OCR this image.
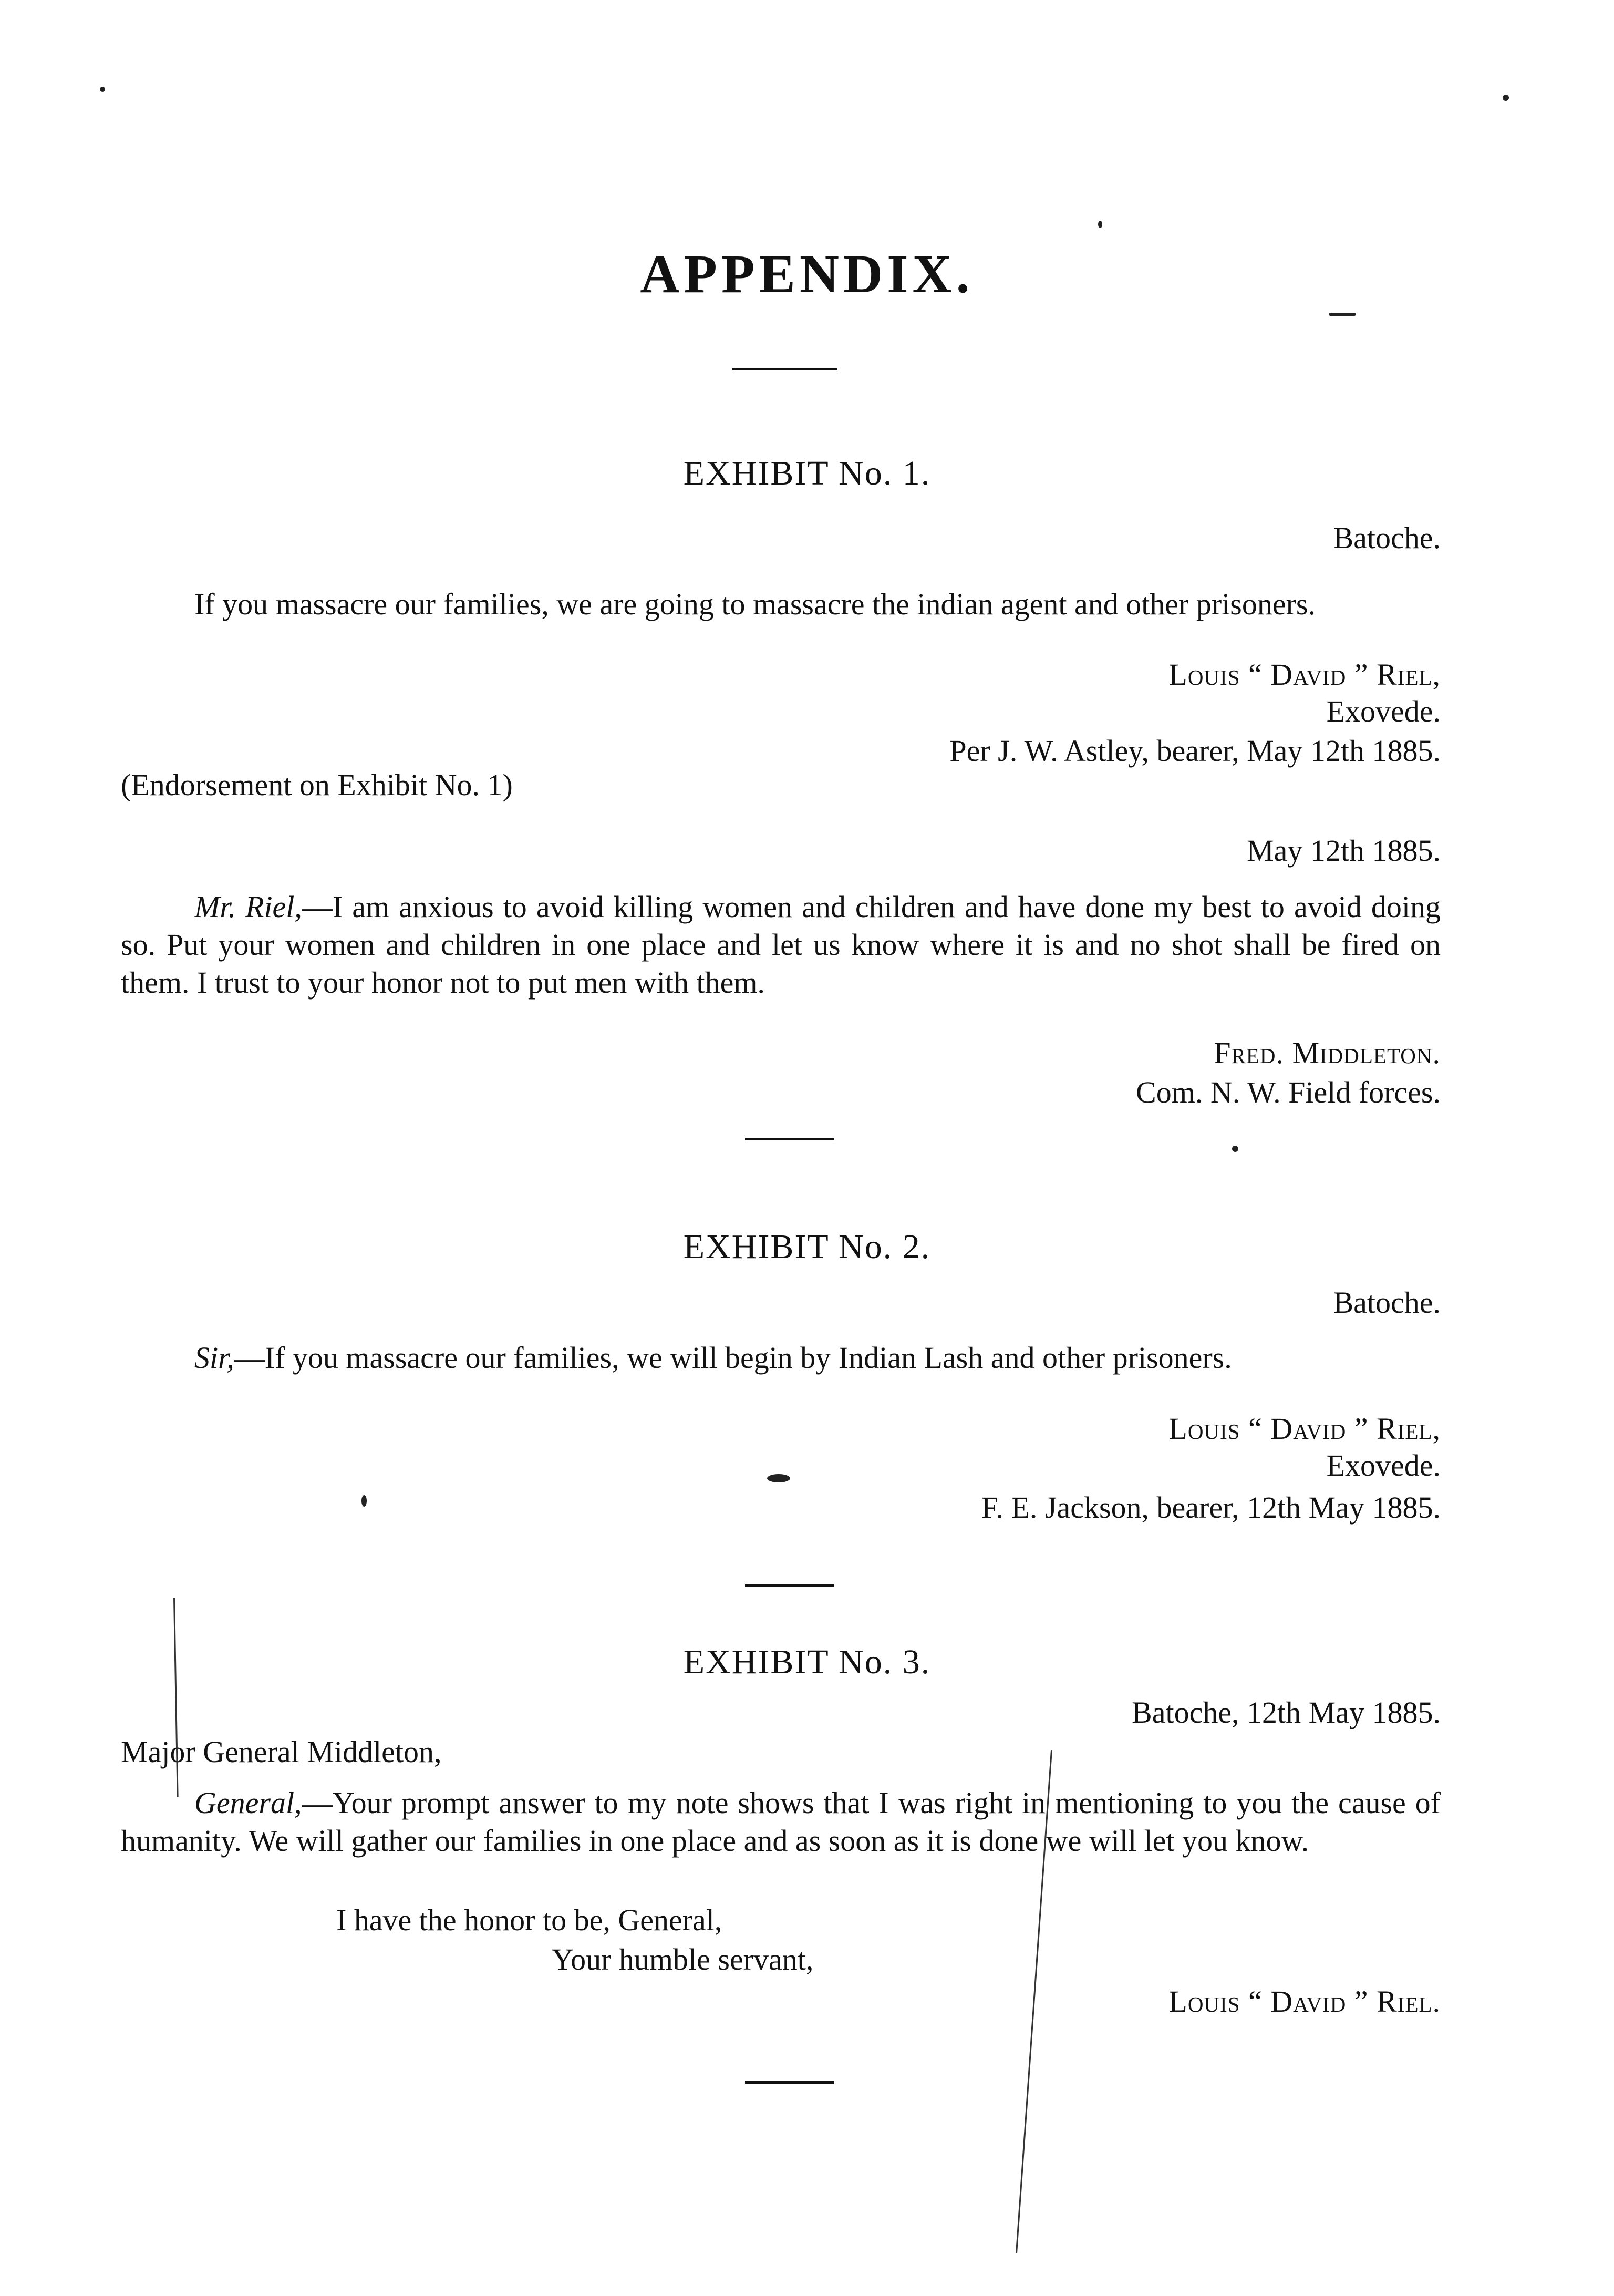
APPENDIX.
EXHIBIT No. 1.
Batoche.
If you massacre our families, we are going to massacre the indian agent and other prisoners.
Louis “ David ” Riel,
Exovede.
Per J. W. Astley, bearer, May 12th 1885.
(Endorsement on Exhibit No. 1)
May 12th 1885.
Mr. Riel,—I am anxious to avoid killing women and children and have done my best to avoid doing so. Put your women and children in one place and let us know where it is and no shot shall be fired on them. I trust to your honor not to put men with them.
Fred. Middleton.
Com. N. W. Field forces.
EXHIBIT No. 2.
Batoche.
Sir,—If you massacre our families, we will begin by Indian Lash and other prisoners.
Louis “ David ” Riel,
Exovede.
F. E. Jackson, bearer, 12th May 1885.
EXHIBIT No. 3.
Batoche, 12th May 1885.
Major General Middleton,
General,—Your prompt answer to my note shows that I was right in mentioning to you the cause of humanity. We will gather our families in one place and as soon as it is done we will let you know.
I have the honor to be, General,
Your humble servant,
Louis “ David ” Riel.
